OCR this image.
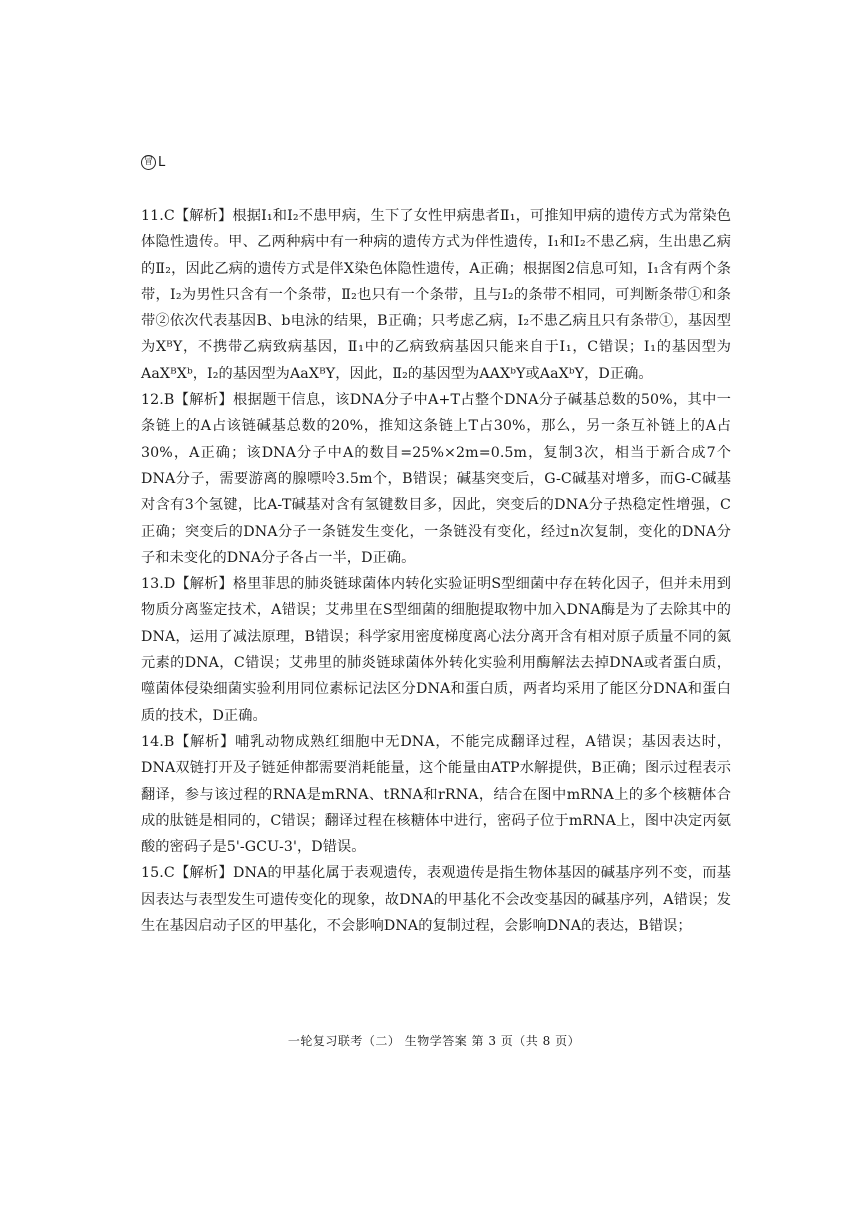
冒 L

11.C【解析】根据Ⅰ₁和Ⅰ₂不患甲病，生下了女性甲病患者Ⅱ₁，可推知甲病的遗传方式为常染色体隐性遗传。甲、乙两种病中有一种病的遗传方式为伴性遗传，Ⅰ₁和Ⅰ₂不患乙病，生出患乙病的Ⅱ₂，因此乙病的遗传方式是伴X染色体隐性遗传，A正确；根据图2信息可知，Ⅰ₁含有两个条带，Ⅰ₂为男性只含有一个条带，Ⅱ₂也只有一个条带，且与Ⅰ₂的条带不相同，可判断条带①和条带②依次代表基因B、b电泳的结果，B正确；只考虑乙病，Ⅰ₂不患乙病且只有条带①，基因型为XᴮY，不携带乙病致病基因，Ⅱ₁中的乙病致病基因只能来自于Ⅰ₁，C错误；Ⅰ₁的基因型为AaXᴮXᵇ，Ⅰ₂的基因型为AaXᴮY，因此，Ⅱ₂的基因型为AAXᵇY或AaXᵇY，D正确。

12.B【解析】根据题干信息，该DNA分子中A+T占整个DNA分子碱基总数的50%，其中一条链上的A占该链碱基总数的20%，推知这条链上T占30%，那么，另一条互补链上的A占30%，A正确；该DNA分子中A的数目=25%×2m=0.5m，复制3次，相当于新合成7个DNA分子，需要游离的腺嘌呤3.5m个，B错误；碱基突变后，G-C碱基对增多，而G-C碱基对含有3个氢键，比A-T碱基对含有氢键数目多，因此，突变后的DNA分子热稳定性增强，C正确；突变后的DNA分子一条链发生变化，一条链没有变化，经过n次复制，变化的DNA分子和未变化的DNA分子各占一半，D正确。

13.D【解析】格里菲思的肺炎链球菌体内转化实验证明S型细菌中存在转化因子，但并未用到物质分离鉴定技术，A错误；艾弗里在S型细菌的细胞提取物中加入DNA酶是为了去除其中的DNA，运用了减法原理，B错误；科学家用密度梯度离心法分离开含有相对原子质量不同的氮元素的DNA，C错误；艾弗里的肺炎链球菌体外转化实验利用酶解法去掉DNA或者蛋白质，噬菌体侵染细菌实验利用同位素标记法区分DNA和蛋白质，两者均采用了能区分DNA和蛋白质的技术，D正确。

14.B【解析】哺乳动物成熟红细胞中无DNA，不能完成翻译过程，A错误；基因表达时，DNA双链打开及子链延伸都需要消耗能量，这个能量由ATP水解提供，B正确；图示过程表示翻译，参与该过程的RNA是mRNA、tRNA和rRNA，结合在图中mRNA上的多个核糖体合成的肽链是相同的，C错误；翻译过程在核糖体中进行，密码子位于mRNA上，图中决定丙氨酸的密码子是5'-GCU-3'，D错误。

15.C【解析】DNA的甲基化属于表观遗传，表观遗传是指生物体基因的碱基序列不变，而基因表达与表型发生可遗传变化的现象，故DNA的甲基化不会改变基因的碱基序列，A错误；发生在基因启动子区的甲基化，不会影响DNA的复制过程，会影响DNA的表达，B错误；

一轮复习联考（二） 生物学答案 第 3 页（共 8 页）
